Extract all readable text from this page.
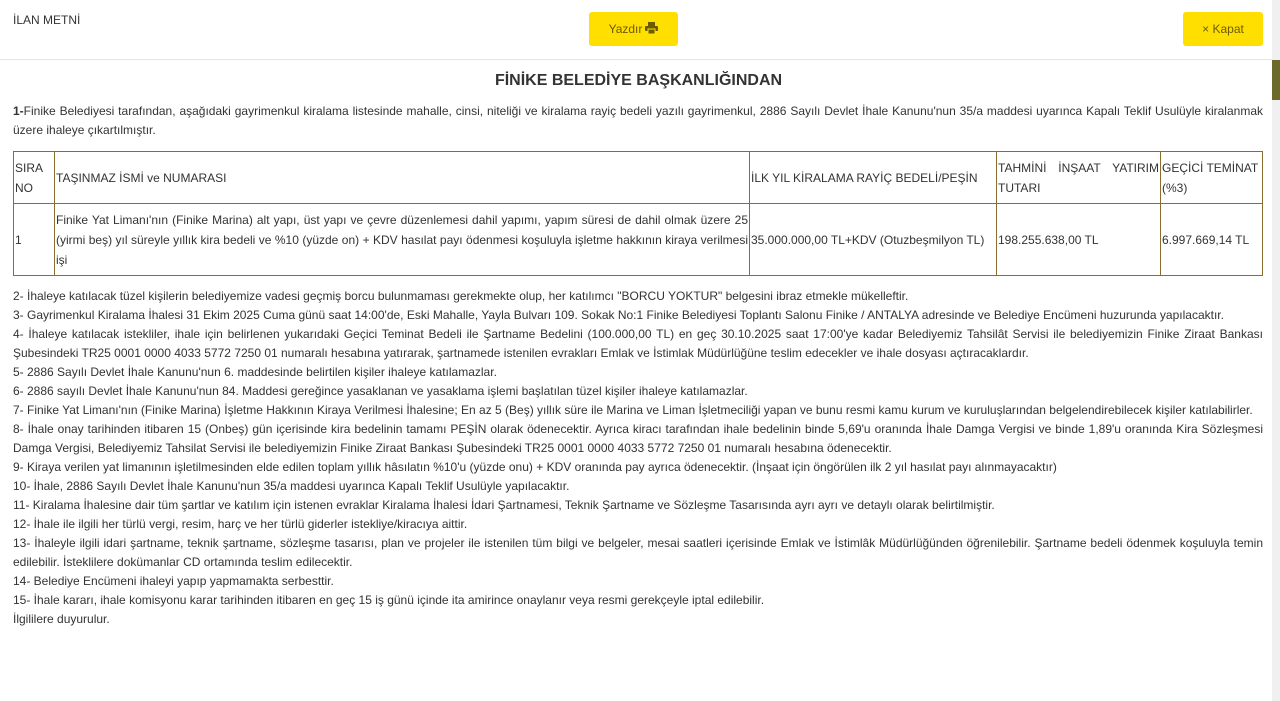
İLAN METNİ
Yazdır	× Kapat
FİNİKE BELEDİYE BAŞKANLIĞINDAN

1-Finike Belediyesi tarafından, aşağıdaki gayrimenkul kiralama listesinde mahalle, cinsi, niteliği ve kiralama rayiç bedeli yazılı gayrimenkul, 2886 Sayılı Devlet İhale Kanunu'nun 35/a maddesi uyarınca Kapalı Teklif Usulüyle kiralanmak üzere ihaleye çıkartılmıştır.

SIRA NO	TAŞINMAZ İSMİ ve NUMARASI	İLK YIL KİRALAMA RAYİÇ BEDELİ/PEŞİN	TAHMİNİ İNŞAAT YATIRIM TUTARI	GEÇİCİ TEMİNAT (%3)
1	Finike Yat Limanı'nın (Finike Marina) alt yapı, üst yapı ve çevre düzenlemesi dahil yapımı, yapım süresi de dahil olmak üzere 25 (yirmi beş) yıl süreyle yıllık kira bedeli ve %10 (yüzde on) + KDV hasılat payı ödenmesi koşuluyla işletme hakkının kiraya verilmesi işi	35.000.000,00 TL+KDV (Otuzbeşmilyon TL)	198.255.638,00 TL	6.997.669,14 TL

2- İhaleye katılacak tüzel kişilerin belediyemize vadesi geçmiş borcu bulunmaması gerekmekte olup, her katılımcı "BORCU YOKTUR" belgesini ibraz etmekle mükelleftir.

3- Gayrimenkul Kiralama İhalesi 31 Ekim 2025 Cuma günü saat 14:00'de, Eski Mahalle, Yayla Bulvarı 109. Sokak No:1 Finike Belediyesi Toplantı Salonu Finike / ANTALYA adresinde ve Belediye Encümeni huzurunda yapılacaktır.

4- İhaleye katılacak istekliler, ihale için belirlenen yukarıdaki Geçici Teminat Bedeli ile Şartname Bedelini (100.000,00 TL) en geç 30.10.2025 saat 17:00'ye kadar Belediyemiz Tahsilât Servisi ile belediyemizin Finike Ziraat Bankası Şubesindeki TR25 0001 0000 4033 5772 7250 01 numaralı hesabına yatırarak, şartnamede istenilen evrakları Emlak ve İstimlak Müdürlüğüne teslim edecekler ve ihale dosyası açtıracaklardır.

5- 2886 Sayılı Devlet İhale Kanunu'nun 6. maddesinde belirtilen kişiler ihaleye katılamazlar.

6- 2886 sayılı Devlet İhale Kanunu'nun 84. Maddesi gereğince yasaklanan ve yasaklama işlemi başlatılan tüzel kişiler ihaleye katılamazlar.

7- Finike Yat Limanı'nın (Finike Marina) İşletme Hakkının Kiraya Verilmesi İhalesine; En az 5 (Beş) yıllık süre ile Marina ve Liman İşletmeciliği yapan ve bunu resmi kamu kurum ve kuruluşlarından belgelendirebilecek kişiler katılabilirler.

8- İhale onay tarihinden itibaren 15 (Onbeş) gün içerisinde kira bedelinin tamamı PEŞİN olarak ödenecektir. Ayrıca kiracı tarafından ihale bedelinin binde 5,69'u oranında İhale Damga Vergisi ve binde 1,89'u oranında Kira Sözleşmesi Damga Vergisi, Belediyemiz Tahsilat Servisi ile belediyemizin Finike Ziraat Bankası Şubesindeki TR25 0001 0000 4033 5772 7250 01 numaralı hesabına ödenecektir.

9- Kiraya verilen yat limanının işletilmesinden elde edilen toplam yıllık hâsılatın %10'u (yüzde onu) + KDV oranında pay ayrıca ödenecektir. (İnşaat için öngörülen ilk 2 yıl hasılat payı alınmayacaktır)

10- İhale, 2886 Sayılı Devlet İhale Kanunu'nun 35/a maddesi uyarınca Kapalı Teklif Usulüyle yapılacaktır.

11- Kiralama İhalesine dair tüm şartlar ve katılım için istenen evraklar Kiralama İhalesi İdari Şartnamesi, Teknik Şartname ve Sözleşme Tasarısında ayrı ayrı ve detaylı olarak belirtilmiştir.

12- İhale ile ilgili her türlü vergi, resim, harç ve her türlü giderler istekliye/kiracıya aittir.

13- İhaleyle ilgili idari şartname, teknik şartname, sözleşme tasarısı, plan ve projeler ile istenilen tüm bilgi ve belgeler, mesai saatleri içerisinde Emlak ve İstimlâk Müdürlüğünden öğrenilebilir. Şartname bedeli ödenmek koşuluyla temin edilebilir. İsteklilere dokümanlar CD ortamında teslim edilecektir.

14- Belediye Encümeni ihaleyi yapıp yapmamakta serbesttir.

15- İhale kararı, ihale komisyonu karar tarihinden itibaren en geç 15 iş günü içinde ita amirince onaylanır veya resmi gerekçeyle iptal edilebilir.

İlgililere duyurulur.
